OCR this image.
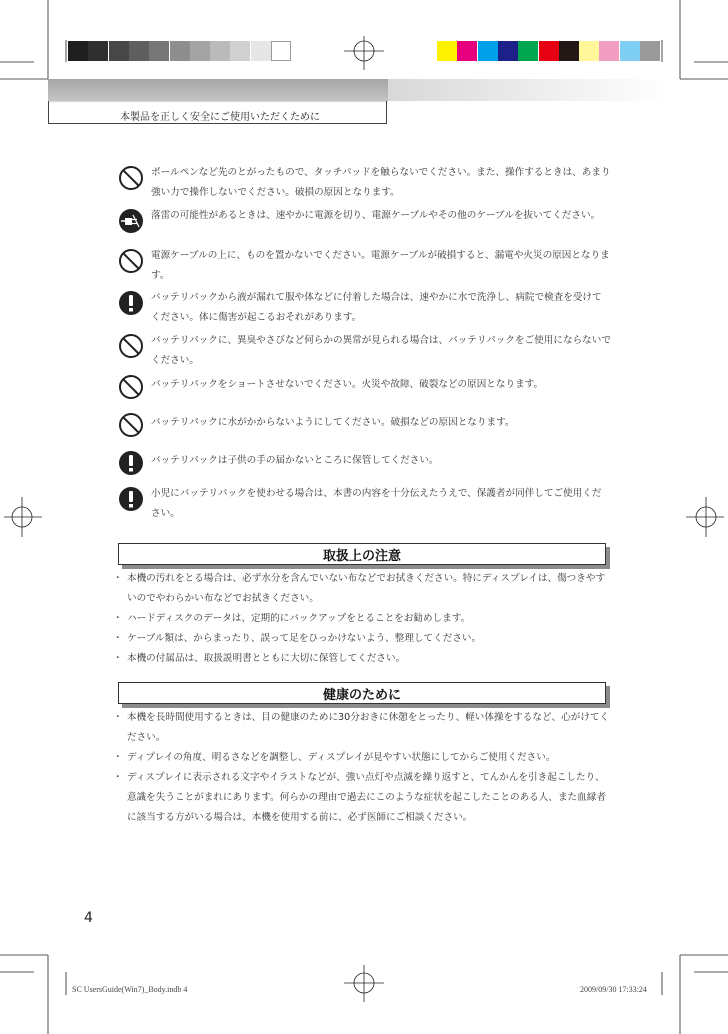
本製品を正しく安全にご使用いただくために
ボールペンなど先のとがったもので、タッチパッドを触らないでください。また、操作するときは、あまり強い力で操作しないでください。破損の原因となります。
落雷の可能性があるときは、速やかに電源を切り、電源ケーブルやその他のケーブルを抜いてください。
電源ケーブルの上に、ものを置かないでください。電源ケーブルが破損すると、漏電や火災の原因となります。
バッテリパックから液が漏れて服や体などに付着した場合は、速やかに水で洗浄し、病院で検査を受けてください。体に傷害が起こるおそれがあります。
バッテリパックに、異臭やさびなど何らかの異常が見られる場合は、バッテリパックをご使用にならないでください。
バッテリパックをショートさせないでください。火災や故障、破裂などの原因となります。
バッテリパックに水がかからないようにしてください。破損などの原因となります。
バッテリパックは子供の手の届かないところに保管してください。
小児にバッテリパックを使わせる場合は、本書の内容を十分伝えたうえで、保護者が同伴してご使用ください。
取扱上の注意
・ 本機の汚れをとる場合は、必ず水分を含んでいない布などでお拭きください。特にディスプレイは、傷つきやすいのでやわらかい布などでお拭きください。
・ ハードディスクのデータは、定期的にバックアップをとることをお勧めします。
・ ケーブル類は、からまったり、誤って足をひっかけないよう、整理してください。
・ 本機の付属品は、取扱説明書とともに大切に保管してください。
健康のために
・ 本機を長時間使用するときは、目の健康のために30分おきに休憩をとったり、軽い体操をするなど、心がけてください。
・ ディプレイの角度、明るさなどを調整し、ディスプレイが見やすい状態にしてからご使用ください。
・ ディスプレイに表示される文字やイラストなどが、強い点灯や点滅を繰り返すと、てんかんを引き起こしたり、意識を失うことがまれにあります。何らかの理由で過去にこのような症状を起こしたことのある人、また血縁者に該当する方がいる場合は、本機を使用する前に、必ず医師にご相談ください。
4
SC UsersGuide(Win7)_Body.indb 4	2009/09/30 17:33:24
